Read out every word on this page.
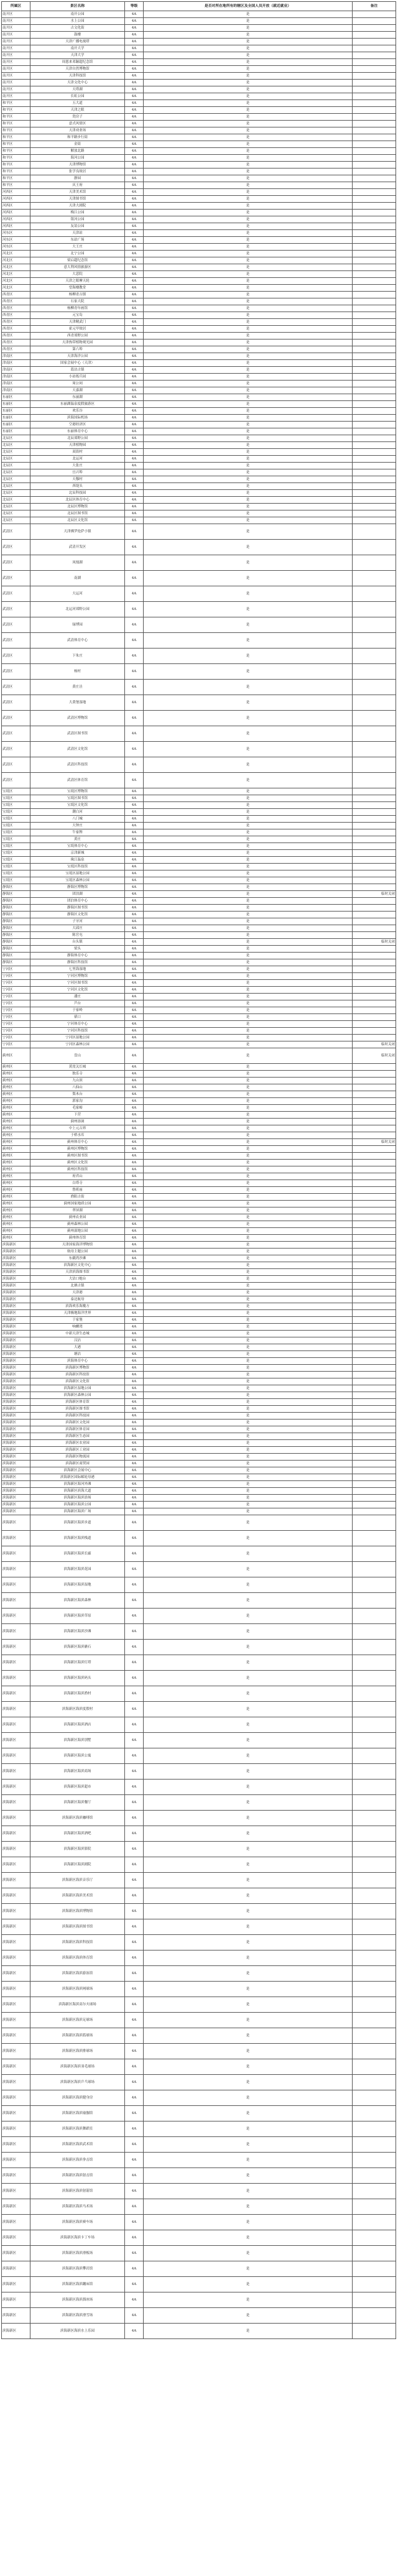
所属区	景区名称	等级	是否对所在地所有的辖区及全国人员开放（就近就业）	备注
南开区	南开公园	4A	是	
南开区	水上公园	4A	是	
南开区	古文化街	4A	是	
南开区	鼓楼	4A	是	
南开区	天津广播电视塔	4A	是	
南开区	南开大学	4A	是	
南开区	天津大学	4A	是	
南开区	周恩来邓颖超纪念馆	4A	是	
南开区	天津自然博物馆	4A	是	
南开区	天津科技馆	4A	是	
南开区	天津文化中心	4A	是	
南开区	天塔湖	4A	是	
南开区	长虹公园	4A	是	
和平区	五大道	4A	是	
和平区	天津之眼	4A	是	
和平区	瓷房子	4A	是	
和平区	意式风情区	4A	是	
和平区	天津劝业场	4A	是	
和平区	和平路步行街	4A	是	
和平区	金街	4A	是	
和平区	解放北路	4A	是	
和平区	海河公园	4A	是	
和平区	天津博物馆	4A	是	
和平区	张学良故居	4A	是	
和平区	静园	4A	是	
和平区	庆王府	4A	是	
河西区	天津美术馆	4A	是	
河西区	天津图书馆	4A	是	
河西区	天津大剧院	4A	是	
河西区	梅江公园	4A	是	
河西区	银河公园	4A	是	
河西区	友谊公园	4A	是	
河东区	天津站	4A	是	
河东区	东站广场	4A	是	
河东区	大王庄	4A	是	
河北区	北宁公园	4A	是	
河北区	梁启超纪念馆	4A	是	
河北区	意大利风情旅游区	4A	是	
河北区	大悲院	4A	是	
河北区	天津之眼摩天轮	4A	是	
河北区	望海楼教堂	4A	是	
西青区	杨柳青古镇	4A	是	
西青区	石家大院	4A	是	
西青区	杨柳青年画馆	4A	是	
西青区	元宝岛	4A	是	
西青区	天津精武门	4A	是	
西青区	霍元甲故居	4A	是	
西青区	西青郊野公园	4A	是	
西青区	天津热带植物观光园	4A	是	
西青区	第六埠	4A	是	
津南区	天津海洋公园	4A	是	
津南区	国家会展中心（天津）	4A	是	
津南区	葛沽古镇	4A	是	
津南区	小站练兵园	4A	是	
津南区	周公祠	4A	是	
津南区	天嘉湖	4A	是	
东丽区	东丽湖	4A	是	
东丽区	东丽湖温泉度假旅游区	4A	是	
东丽区	欢乐谷	4A	是	
东丽区	滨海国际机场	4A	是	
东丽区	空港经济区	4A	是	
东丽区	东丽体育中心	4A	是	
北辰区	北辰郊野公园	4A	是	
北辰区	天津植物园	4A	是	
北辰区	双街村	4A	是	
北辰区	北运河	4A	是	
北辰区	大张庄	4A	是	
北辰区	宜兴埠	4A	是	
北辰区	天穆村	4A	是	
北辰区	西堤头	4A	是	
北辰区	北辰科技园	4A	是	
北辰区	北辰区体育中心	4A	是	
北辰区	北辰区博物馆	4A	是	
北辰区	北辰区图书馆	4A	是	
北辰区	北辰区文化馆	4A	是	
武清区	天津佛罗伦萨小镇	4A	是	
武清区	武清开发区	4A	是	
武清区	凤凰湖	4A	是	
武清区	南湖	4A	是	
武清区	大运河	4A	是	
武清区	北运河郊野公园	4A	是	
武清区	绿博园	4A	是	
武清区	武清体育中心	4A	是	
武清区	下朱庄	4A	是	
武清区	杨村	4A	是	
武清区	黄庄洼	4A	是	
武清区	大黄堡湿地	4A	是	
武清区	武清区博物馆	4A	是	
武清区	武清区图书馆	4A	是	
武清区	武清区文化馆	4A	是	
武清区	武清区科技馆	4A	是	
武清区	武清区体育馆	4A	是	
宝坻区	宝坻区博物馆	4A	是	
宝坻区	宝坻区图书馆	4A	是	
宝坻区	宝坻区文化馆	4A	是	
宝坻区	潮白河	4A	是	
宝坻区	八门城	4A	是	
宝坻区	大钟庄	4A	是	
宝坻区	牛家牌	4A	是	
宝坻区	黄庄	4A	是	
宝坻区	宝坻体育中心	4A	是	
宝坻区	京津新城	4A	是	
宝坻区	珠江温泉	4A	是	
宝坻区	宝坻区科技馆	4A	是	
宝坻区	宝坻区湿地公园	4A	是	
宝坻区	宝坻区森林公园	4A	是	
静海区	静海区博物馆	4A	是	
静海区	团泊湖	4A	是	临时关闭
静海区	团泊体育中心	4A	是	
静海区	静海区图书馆	4A	是	
静海区	静海区文化馆	4A	是	
静海区	子牙河	4A	是	
静海区	大邱庄	4A	是	
静海区	陈官屯	4A	是	
静海区	台头镇	4A	是	临时关闭
静海区	梁头	4A	是	
静海区	静海体育中心	4A	是	
静海区	静海区科技馆	4A	是	
宁河区	七里海湿地	4A	是	
宁河区	宁河区博物馆	4A	是	
宁河区	宁河区图书馆	4A	是	
宁河区	宁河区文化馆	4A	是	
宁河区	潘庄	4A	是	
宁河区	芦台	4A	是	
宁河区	于家岭	4A	是	
宁河区	俵口	4A	是	
宁河区	宁河体育中心	4A	是	
宁河区	宁河区科技馆	4A	是	
宁河区	宁河区湿地公园	4A	是	
宁河区	宁河区森林公园	4A	是	临时关闭
蓟州区	盘山	4A	是	临时关闭
蓟州区	黄崖关长城	4A	是	
蓟州区	独乐寺	4A	是	
蓟州区	九山顶	4A	是	
蓟州区	八仙山	4A	是	
蓟州区	梨木台	4A	是	
蓟州区	郭家沟	4A	是	
蓟州区	毛家峪	4A	是	
蓟州区	下营	4A	是	
蓟州区	蓟州溶洞	4A	是	
蓟州区	中上元古界	4A	是	
蓟州区	于桥水库	4A	是	
蓟州区	蓟州体育中心	4A	是	临时关闭
蓟州区	蓟州区博物馆	4A	是	
蓟州区	蓟州区图书馆	4A	是	
蓟州区	蓟州区文化馆	4A	是	
蓟州区	蓟州区科技馆	4A	是	
蓟州区	府君山	4A	是	
蓟州区	白塔寺	4A	是	
蓟州区	鲁班庙	4A	是	
蓟州区	渔阳古街	4A	是	
蓟州区	蓟州国家地质公园	4A	是	
蓟州区	翠屏湖	4A	是	
蓟州区	蓟州农业园	4A	是	
蓟州区	蓟州森林公园	4A	是	
蓟州区	蓟州湿地公园	4A	是	
蓟州区	蓟州体育馆	4A	是	
滨海新区	天津国家海洋博物馆	4A	是	
滨海新区	航母主题公园	4A	是	
滨海新区	东疆湾沙滩	4A	是	
滨海新区	滨海新区文化中心	4A	是	
滨海新区	天津滨海图书馆	4A	是	
滨海新区	大沽口炮台	4A	是	
滨海新区	北塘古镇	4A	是	
滨海新区	天津港	4A	是	
滨海新区	泰达航母	4A	是	
滨海新区	滨海欢乐海魔方	4A	是	
滨海新区	天津极地海洋世界	4A	是	
滨海新区	于家堡	4A	是	
滨海新区	响螺湾	4A	是	
滨海新区	中新天津生态城	4A	是	
滨海新区	汉沽	4A	是	
滨海新区	大港	4A	是	
滨海新区	塘沽	4A	是	
滨海新区	滨海体育中心	4A	是	
滨海新区	滨海新区博物馆	4A	是	
滨海新区	滨海新区科技馆	4A	是	
滨海新区	滨海新区文化馆	4A	是	
滨海新区	滨海新区湿地公园	4A	是	
滨海新区	滨海新区森林公园	4A	是	
滨海新区	滨海新区体育馆	4A	是	
滨海新区	滨海新区图书馆	4A	是	
滨海新区	滨海新区科技园	4A	是	
滨海新区	滨海新区文化园	4A	是	
滨海新区	滨海新区体育园	4A	是	
滨海新区	滨海新区生态园	4A	是	
滨海新区	滨海新区农业园	4A	是	
滨海新区	滨海新区工业园	4A	是	
滨海新区	滨海新区物流园	4A	是	
滨海新区	滨海新区商贸园	4A	是	
滨海新区	滨海新区会展中心	4A	是	
滨海新区	滨海新区国际邮轮母港	4A	是	
滨海新区	滨海新区海河外滩	4A	是	
滨海新区	滨海新区滨海大道	4A	是	
滨海新区	滨海新区海滨浴场	4A	是	
滨海新区	滨海新区海滨公园	4A	是	
滨海新区	滨海新区海滨广场	4A	是	
滨海新区	滨海新区海滨步道	4A	是	
滨海新区	滨海新区海滨栈道	4A	是	
滨海新区	滨海新区海滨长廊	4A	是	
滨海新区	滨海新区海滨花园	4A	是	
滨海新区	滨海新区海滨湿地	4A	是	
滨海新区	滨海新区海滨森林	4A	是	
滨海新区	滨海新区海滨草原	4A	是	
滨海新区	滨海新区海滨沙滩	4A	是	
滨海新区	滨海新区海滨礁石	4A	是	
滨海新区	滨海新区海滨灯塔	4A	是	
滨海新区	滨海新区海滨码头	4A	是	
滨海新区	滨海新区海滨渔村	4A	是	
滨海新区	滨海新区海滨度假村	4A	是	
滨海新区	滨海新区海滨酒店	4A	是	
滨海新区	滨海新区海滨别墅	4A	是	
滨海新区	滨海新区海滨公寓	4A	是	
滨海新区	滨海新区海滨商场	4A	是	
滨海新区	滨海新区海滨超市	4A	是	
滨海新区	滨海新区海滨餐厅	4A	是	
滨海新区	滨海新区海滨咖啡馆	4A	是	
滨海新区	滨海新区海滨酒吧	4A	是	
滨海新区	滨海新区海滨影院	4A	是	
滨海新区	滨海新区海滨剧院	4A	是	
滨海新区	滨海新区海滨音乐厅	4A	是	
滨海新区	滨海新区海滨美术馆	4A	是	
滨海新区	滨海新区海滨博物馆	4A	是	
滨海新区	滨海新区海滨图书馆	4A	是	
滨海新区	滨海新区海滨科技馆	4A	是	
滨海新区	滨海新区海滨体育馆	4A	是	
滨海新区	滨海新区海滨游泳馆	4A	是	
滨海新区	滨海新区海滨网球场	4A	是	
滨海新区	滨海新区海滨高尔夫球场	4A	是	
滨海新区	滨海新区海滨足球场	4A	是	
滨海新区	滨海新区海滨篮球场	4A	是	
滨海新区	滨海新区海滨排球场	4A	是	
滨海新区	滨海新区海滨羽毛球场	4A	是	
滨海新区	滨海新区海滨乒乓球场	4A	是	
滨海新区	滨海新区海滨健身房	4A	是	
滨海新区	滨海新区海滨瑜伽馆	4A	是	
滨海新区	滨海新区海滨舞蹈室	4A	是	
滨海新区	滨海新区海滨武术馆	4A	是	
滨海新区	滨海新区海滨拳击馆	4A	是	
滨海新区	滨海新区海滨射击馆	4A	是	
滨海新区	滨海新区海滨射箭馆	4A	是	
滨海新区	滨海新区海滨马术场	4A	是	
滨海新区	滨海新区海滨赛车场	4A	是	
滨海新区	滨海新区海滨卡丁车场	4A	是	
滨海新区	滨海新区海滨滑板场	4A	是	
滨海新区	滨海新区海滨攀岩馆	4A	是	
滨海新区	滨海新区海滨蹦床馆	4A	是	
滨海新区	滨海新区海滨溜冰场	4A	是	
滨海新区	滨海新区海滨滑雪场	4A	是	
滨海新区	滨海新区海滨水上乐园	4A	是	
